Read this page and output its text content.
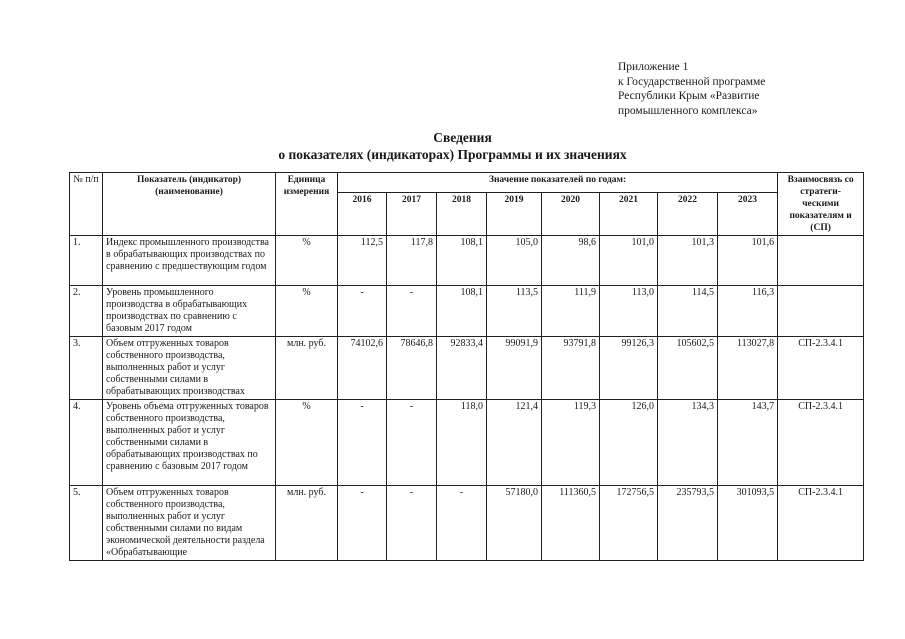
Приложение 1
к Государственной программе
Республики Крым «Развитие
промышленного комплекса»
Сведения
о показателях (индикаторах) Программы и их значениях
№ п/п	Показатель (индикатор) (наименование)	Единица измерения	Значение показателей по годам:								Взаимосвязь со стратеги- ческими показателям и (СП)
			2016	2017	2018	2019	2020	2021	2022	2023	
1.	Индекс промышленного производства в обрабатывающих производствах по сравнению с предшествующим годом	%	112,5	117,8	108,1	105,0	98,6	101,0	101,3	101,6	
2.	Уровень промышленного производства в обрабатывающих производствах по сравнению с базовым 2017 годом	%	-	-	108,1	113,5	111,9	113,0	114,5	116,3	
3.	Объем отгруженных товаров собственного производства, выполненных работ и услуг собственными силами в обрабатывающих производствах	млн. руб.	74102,6	78646,8	92833,4	99091,9	93791,8	99126,3	105602,5	113027,8	СП-2.3.4.1
4.	Уровень объема отгруженных товаров собственного производства, выполненных работ и услуг собственными силами в обрабатывающих производствах по сравнению с базовым 2017 годом	%	-	-	118,0	121,4	119,3	126,0	134,3	143,7	СП-2.3.4.1
5.	Объем отгруженных товаров собственного производства, выполненных работ и услуг собственными силами по видам экономической деятельности раздела «Обрабатывающие	млн. руб.	-	-	-	57180,0	111360,5	172756,5	235793,5	301093,5	СП-2.3.4.1
